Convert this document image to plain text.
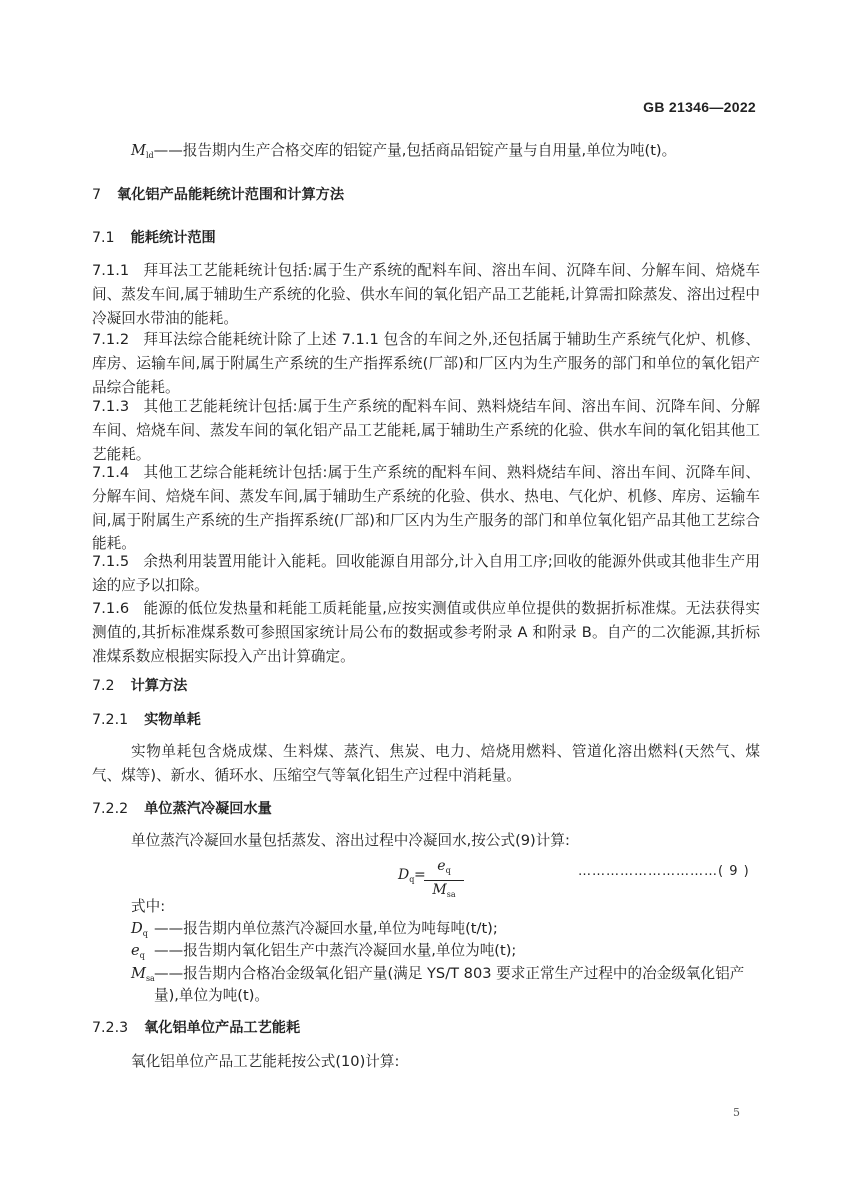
GB 21346—2022
$M_{ld}——$报告期内生产合格交库的铝锭产量,包括商品铝锭产量与自用量,单位为吨(t)。
7 氧化铝产品能耗统计范围和计算方法
7.1 能耗统计范围
7.1.1 拜耳法工艺能耗统计包括:属于生产系统的配料车间、溶出车间、沉降车间、分解车间、焙烧车间、蒸发车间,属于辅助生产系统的化验、供水车间的氧化铝产品工艺能耗,计算需扣除蒸发、溶出过程中冷凝回水带油的能耗。
7.1.2 拜耳法综合能耗统计除了上述 7.1.1 包含的车间之外,还包括属于辅助生产系统气化炉、机修、库房、运输车间,属于附属生产系统的生产指挥系统(厂部)和厂区内为生产服务的部门和单位的氧化铝产品综合能耗。
7.1.3 其他工艺能耗统计包括:属于生产系统的配料车间、熟料烧结车间、溶出车间、沉降车间、分解车间、焙烧车间、蒸发车间的氧化铝产品工艺能耗,属于辅助生产系统的化验、供水车间的氧化铝其他工艺能耗。
7.1.4 其他工艺综合能耗统计包括:属于生产系统的配料车间、熟料烧结车间、溶出车间、沉降车间、分解车间、焙烧车间、蒸发车间,属于辅助生产系统的化验、供水、热电、气化炉、机修、库房、运输车间,属于附属生产系统的生产指挥系统(厂部)和厂区内为生产服务的部门和单位氧化铝产品其他工艺综合能耗。
7.1.5 余热利用装置用能计入能耗。回收能源自用部分,计入自用工序;回收的能源外供或其他非生产用途的应予以扣除。
7.1.6 能源的低位发热量和耗能工质耗能量,应按实测值或供应单位提供的数据折标准煤。无法获得实测值的,其折标准煤系数可参照国家统计局公布的数据或参考附录 A 和附录 B。自产的二次能源,其折标准煤系数应根据实际投入产出计算确定。
7.2 计算方法
7.2.1 实物单耗
实物单耗包含烧成煤、生料煤、蒸汽、焦炭、电力、焙烧用燃料、管道化溶出燃料(天然气、煤气、煤等)、新水、循环水、压缩空气等氧化铝生产过程中消耗量。
7.2.2 单位蒸汽冷凝回水量
单位蒸汽冷凝回水量包括蒸发、溶出过程中冷凝回水,按公式(9)计算:
$D_q$ =
$e_q$
$M_{sa}$
…………………………( 9 )
式中:
$D_q$ ——报告期内单位蒸汽冷凝回水量,单位为吨每吨(t/t);
$e_q$ ——报告期内氧化铝生产中蒸汽冷凝回水量,单位为吨(t);
$M_{sa}——$报告期内合格冶金级氧化铝产量(满足 YS/T 803 要求正常生产过程中的冶金级氧化铝产量),单位为吨(t)。
7.2.3 氧化铝单位产品工艺能耗
氧化铝单位产品工艺能耗按公式(10)计算:
5
